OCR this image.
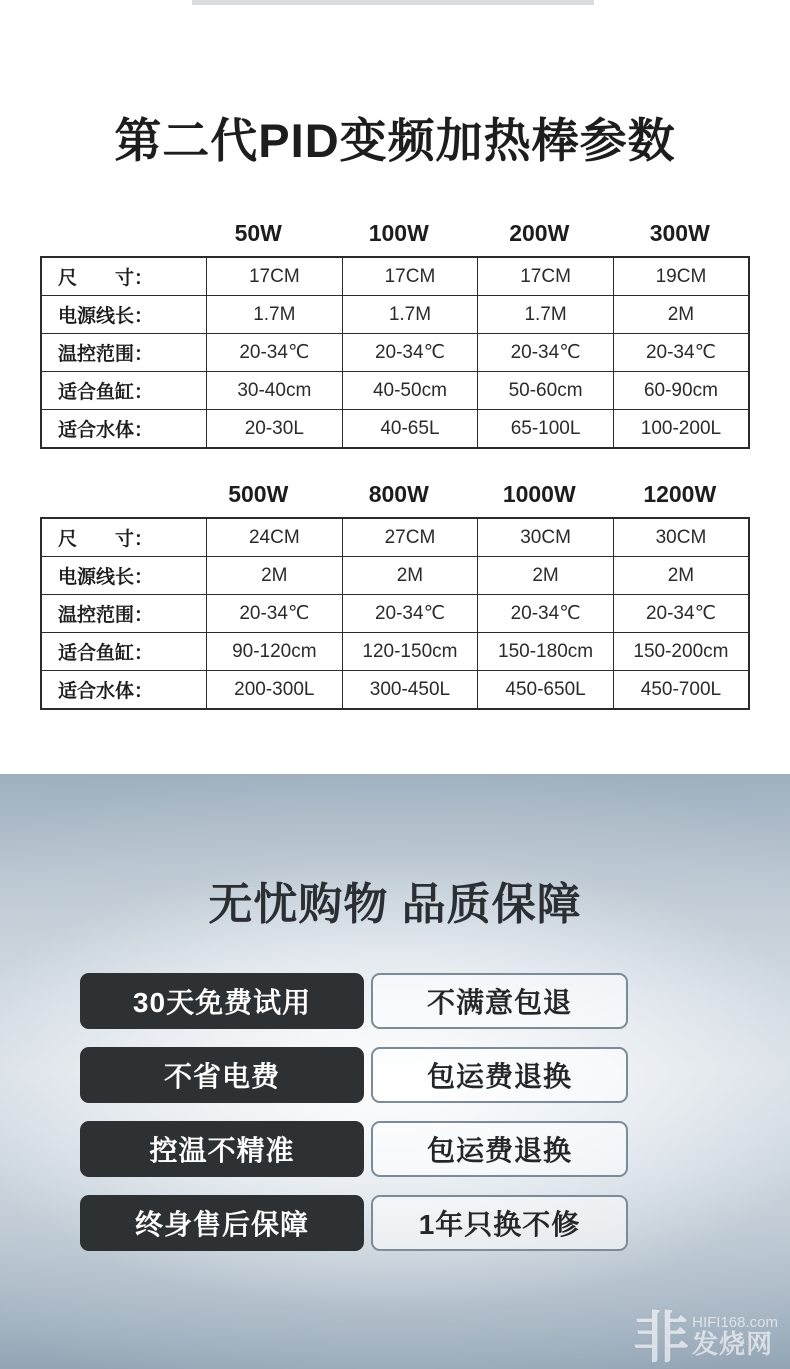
第二代PID变频加热棒参数
50W	100W	200W	300W
尺　　寸：	17CM	17CM	17CM	19CM
电源线长：	1.7M	1.7M	1.7M	2M
温控范围：	20-34℃	20-34℃	20-34℃	20-34℃
适合鱼缸：	30-40cm	40-50cm	50-60cm	60-90cm
适合水体：	20-30L	40-65L	65-100L	100-200L
500W	800W	1000W	1200W
尺　　寸：	24CM	27CM	30CM	30CM
电源线长：	2M	2M	2M	2M
温控范围：	20-34℃	20-34℃	20-34℃	20-34℃
适合鱼缸：	90-120cm	120-150cm	150-180cm	150-200cm
适合水体：	200-300L	300-450L	450-650L	450-700L
无忧购物 品质保障
30天免费试用	不满意包退
不省电费	包运费退换
控温不精准	包运费退换
终身售后保障	1年只换不修
非 HIFI168.com
发烧网
